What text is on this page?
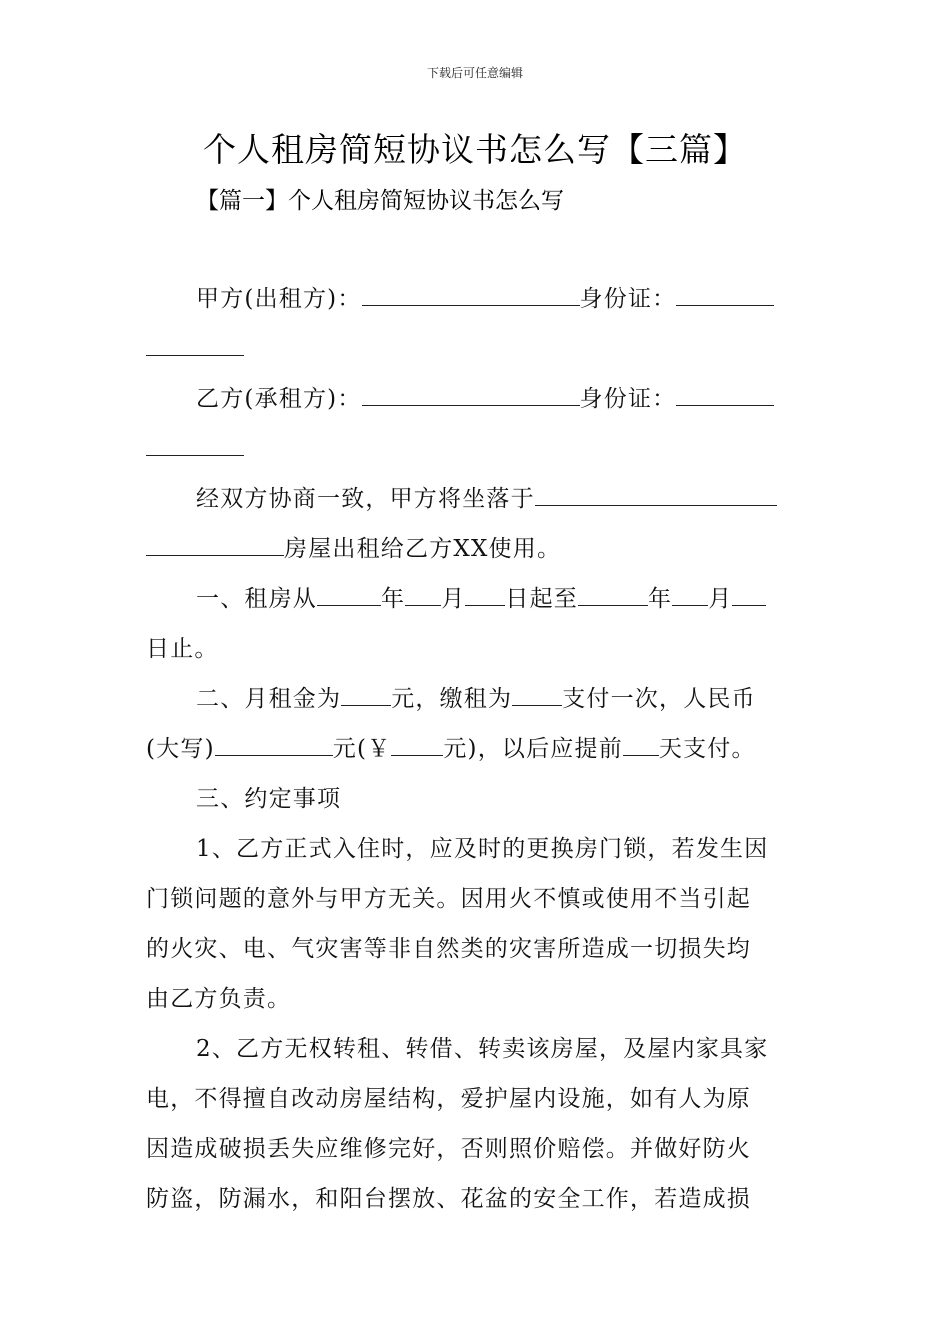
下载后可任意编辑
个人租房简短协议书怎么写【三篇】
【篇一】个人租房简短协议书怎么写
甲方(出租方)：	身份证：
乙方(承租方)：	身份证：
经双方协商一致，甲方将坐落于
房屋出租给乙方XX使用。
一、租房从	年 月 日起至	年 月
日止。
二、月租金为 元，缴租为 支付一次，人民币
(大写)	元(￥ 元)，以后应提前 天支付。
三、约定事项
1、乙方正式入住时，应及时的更换房门锁，若发生因
门锁问题的意外与甲方无关。因用火不慎或使用不当引起
的火灾、电、气灾害等非自然类的灾害所造成一切损失均
由乙方负责。
2、乙方无权转租、转借、转卖该房屋，及屋内家具家
电，不得擅自改动房屋结构，爱护屋内设施，如有人为原
因造成破损丢失应维修完好，否则照价赔偿。并做好防火
防盗，防漏水，和阳台摆放、花盆的安全工作，若造成损
